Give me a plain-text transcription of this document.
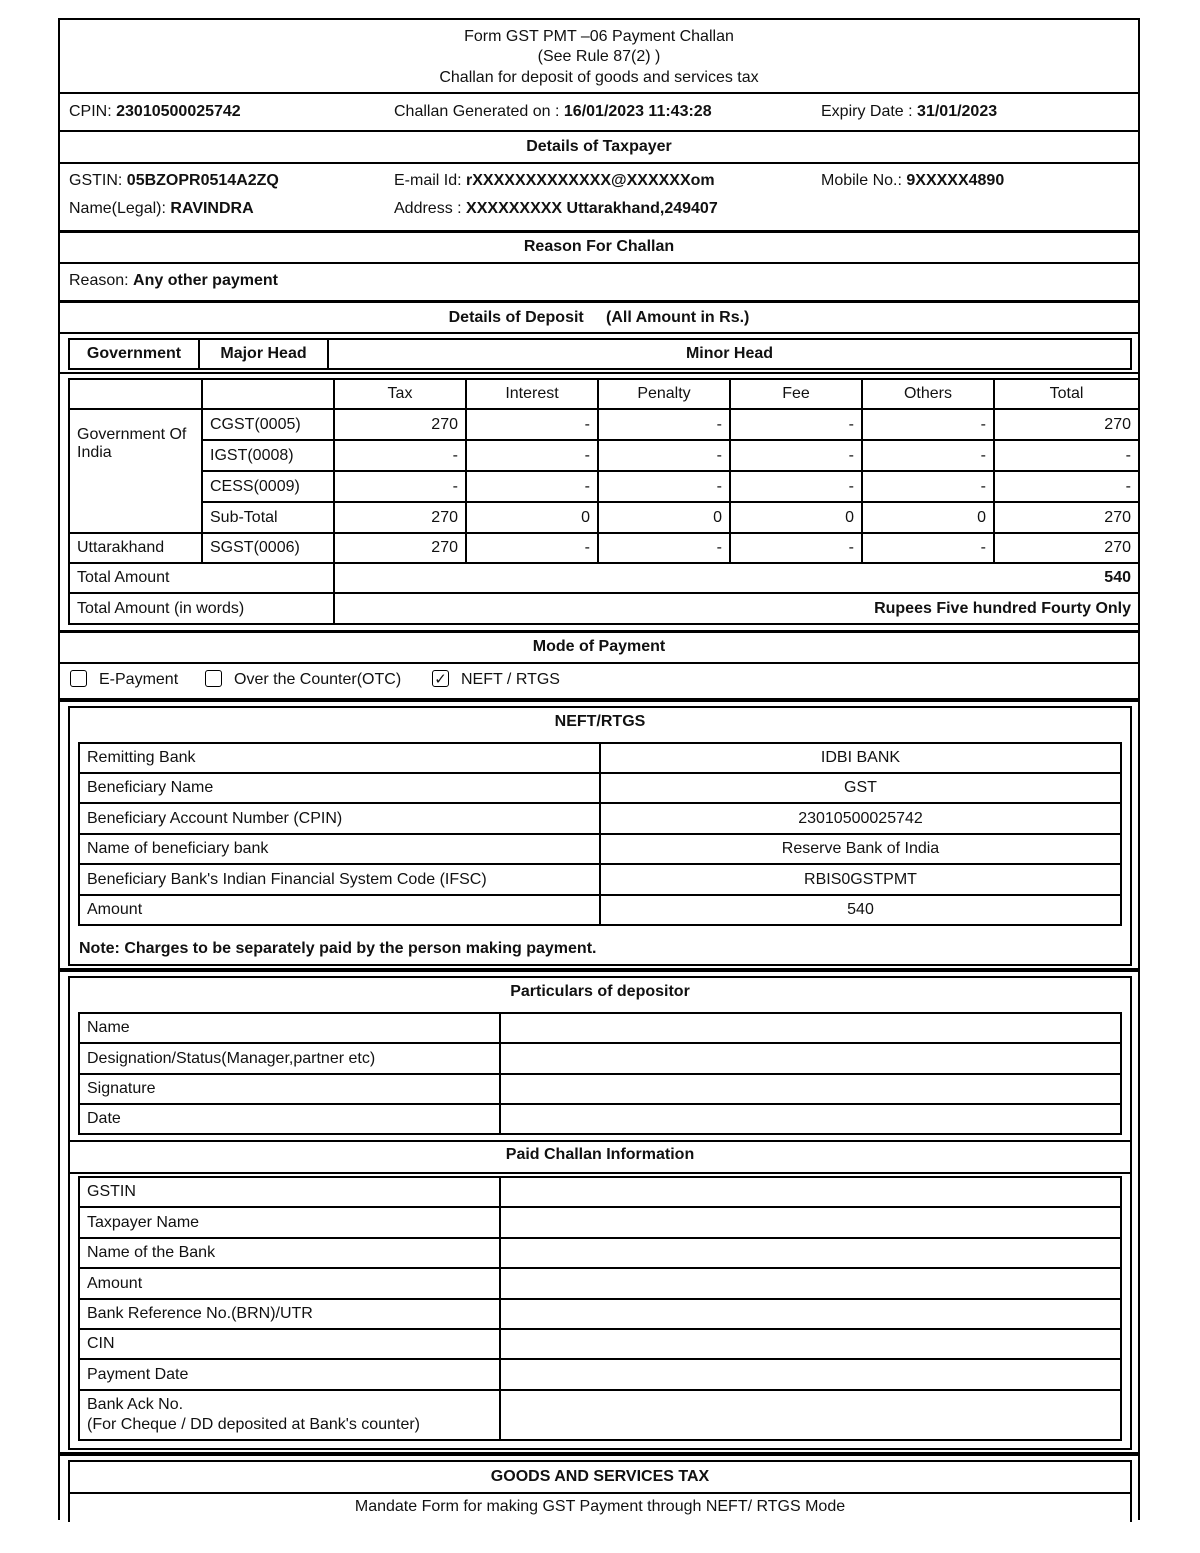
Form GST PMT –06 Payment Challan
(See Rule 87(2) )
Challan for deposit of goods and services tax
CPIN: 23010500025742	Challan Generated on : 16/01/2023 11:43:28	Expiry Date : 31/01/2023
Details of Taxpayer
GSTIN: 05BZOPR0514A2ZQ	E-mail Id: rXXXXXXXXXXXXX@XXXXXXom	Mobile No.: 9XXXXX4890
Name(Legal): RAVINDRA	Address : XXXXXXXXX Uttarakhand,249407
Reason For Challan
Reason: Any other payment
Details of Deposit (All Amount in Rs.)
Government	Major Head	Minor Head
		Tax	Interest	Penalty	Fee	Others	Total
Government Of India	CGST(0005)	270	-	-	-	-	270
	IGST(0008)	-	-	-	-	-	-
	CESS(0009)	-	-	-	-	-	-
	Sub-Total	270	0	0	0	0	270
Uttarakhand	SGST(0006)	270	-	-	-	-	270
Total Amount		540					
Total Amount (in words)		Rupees Five hundred Fourty Only					
Mode of Payment
E-Payment	Over the Counter(OTC) ✓ NEFT / RTGS
NEFT/RTGS
Remitting Bank	IDBI BANK
Beneficiary Name	GST
Beneficiary Account Number (CPIN)	23010500025742
Name of beneficiary bank	Reserve Bank of India
Beneficiary Bank's Indian Financial System Code (IFSC)	RBIS0GSTPMT
Amount	540
Note: Charges to be separately paid by the person making payment.
Particulars of depositor
Name	
Designation/Status(Manager,partner etc)	
Signature	
Date	
Paid Challan Information
GSTIN	
Taxpayer Name	
Name of the Bank	
Amount	
Bank Reference No.(BRN)/UTR	
CIN	
Payment Date	
Bank Ack No.
(For Cheque / DD deposited at Bank's counter)	
GOODS AND SERVICES TAX
Mandate Form for making GST Payment through NEFT/ RTGS Mode
